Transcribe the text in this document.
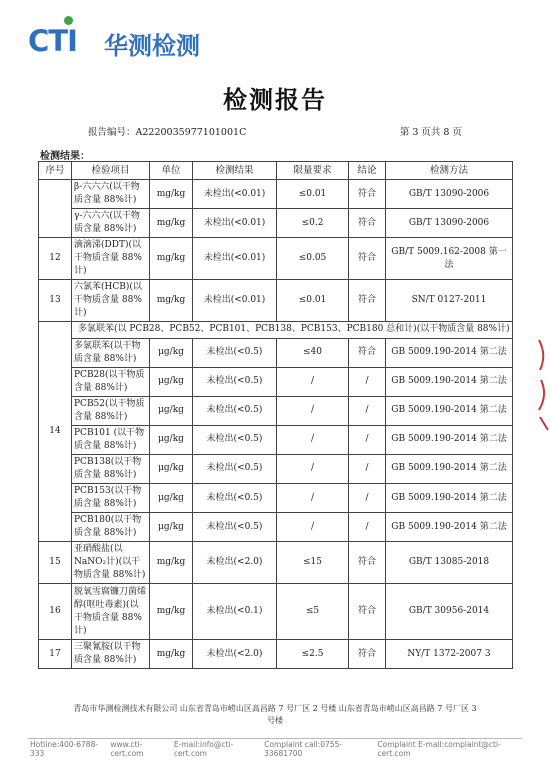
CTI 华测检测
检测报告
报告编号：A2220035977101001C	第 3 页共 8 页
检测结果：
序号	检验项目	单位	检测结果	限量要求	结论	检测方法
	β-六六六(以干物质含量 88%计)	mg/kg	未检出(<0.01)	≤0.01	符合	GB/T 13090-2006
	γ-六六六(以干物质含量 88%计)	mg/kg	未检出(<0.01)	≤0.2	符合	GB/T 13090-2006
12	滴滴涕(DDT)(以干物质含量 88%计)	mg/kg	未检出(<0.01)	≤0.05	符合	GB/T 5009.162-2008 第一法
13	六氯苯(HCB)(以干物质含量 88%计)	mg/kg	未检出(<0.01)	≤0.01	符合	SN/T 0127-2011
14	多氯联苯(以 PCB28、PCB52、PCB101、PCB138、PCB153、PCB180 总和计)(以干物质含量 88%计)					
	多氯联苯(以干物质含量 88%计)	μg/kg	未检出(<0.5)	≤40	符合	GB 5009.190-2014 第二法
	PCB28(以干物质含量 88%计)	μg/kg	未检出(<0.5)	/	/	GB 5009.190-2014 第二法
	PCB52(以干物质含量 88%计)	μg/kg	未检出(<0.5)	/	/	GB 5009.190-2014 第二法
	PCB101 (以干物质含量 88%计)	μg/kg	未检出(<0.5)	/	/	GB 5009.190-2014 第二法
	PCB138(以干物质含量 88%计)	μg/kg	未检出(<0.5)	/	/	GB 5009.190-2014 第二法
	PCB153(以干物质含量 88%计)	μg/kg	未检出(<0.5)	/	/	GB 5009.190-2014 第二法
	PCB180(以干物质含量 88%计)	μg/kg	未检出(<0.5)	/	/	GB 5009.190-2014 第二法
15	亚硝酸盐(以 NaNO₂计)(以干物质含量 88%计)	mg/kg	未检出(<2.0)	≤15	符合	GB/T 13085-2018
16	脱氧雪腐镰刀菌烯醇(呕吐毒素)(以干物质含量 88%计)	mg/kg	未检出(<0.1)	≤5	符合	GB/T 30956-2014
17	三聚氰胺(以干物质含量 88%计)	mg/kg	未检出(<2.0)	≤2.5	符合	NY/T 1372-2007 3
青岛市华测检测技术有限公司 山东省青岛市崂山区高昌路 7 号厂区 2 号楼 山东省青岛市崂山区高昌路 7 号厂区 3 号楼
Hotline:400-6788-333
www.cti-cert.com
E-mail:info@cti-cert.com
Complaint call:0755-33681700
Complaint E-mail:complaint@cti-cert.com
